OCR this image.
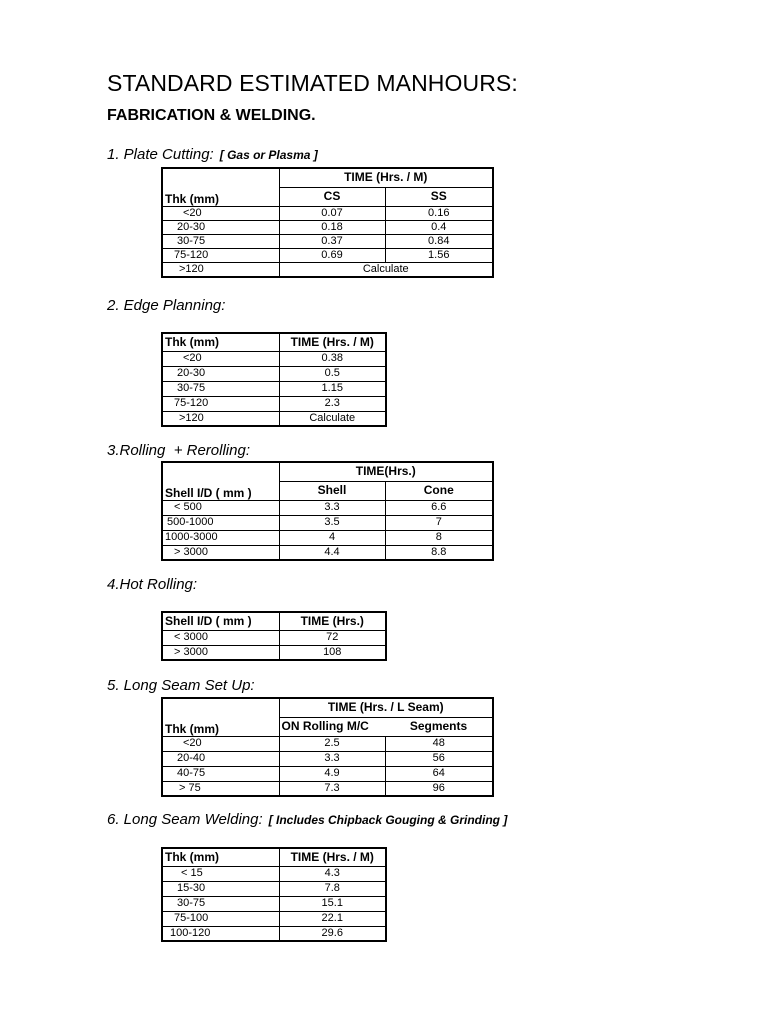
STANDARD ESTIMATED MANHOURS:
FABRICATION & WELDING.
1. Plate Cutting: [ Gas or Plasma ]
Thk (mm)	TIME (Hrs. / M)	
	CS	SS
<20	0.07	0.16
20-30	0.18	0.4
30-75	0.37	0.84
75-120	0.69	1.56
>120	Calculate	
2. Edge Planning:
Thk (mm)	TIME (Hrs. / M)
<20	0.38
20-30	0.5
30-75	1.15
75-120	2.3
>120	Calculate
3.Rolling  + Rerolling:
Shell I/D ( mm )	TIME(Hrs.)	
	Shell	Cone
< 500	3.3	6.6
500-1000	3.5	7
1000-3000	4	8
> 3000	4.4	8.8
4.Hot Rolling:
Shell I/D ( mm )	TIME (Hrs.)
< 3000	72
> 3000	108
5. Long Seam Set Up:
Thk (mm)	TIME (Hrs. / L Seam)	
	ON Rolling M/C	Segments
<20	2.5	48
20-40	3.3	56
40-75	4.9	64
> 75	7.3	96
6. Long Seam Welding: [ Includes Chipback Gouging & Grinding ]
Thk (mm)	TIME (Hrs. / M)
< 15	4.3
15-30	7.8
30-75	15.1
75-100	22.1
100-120	29.6
